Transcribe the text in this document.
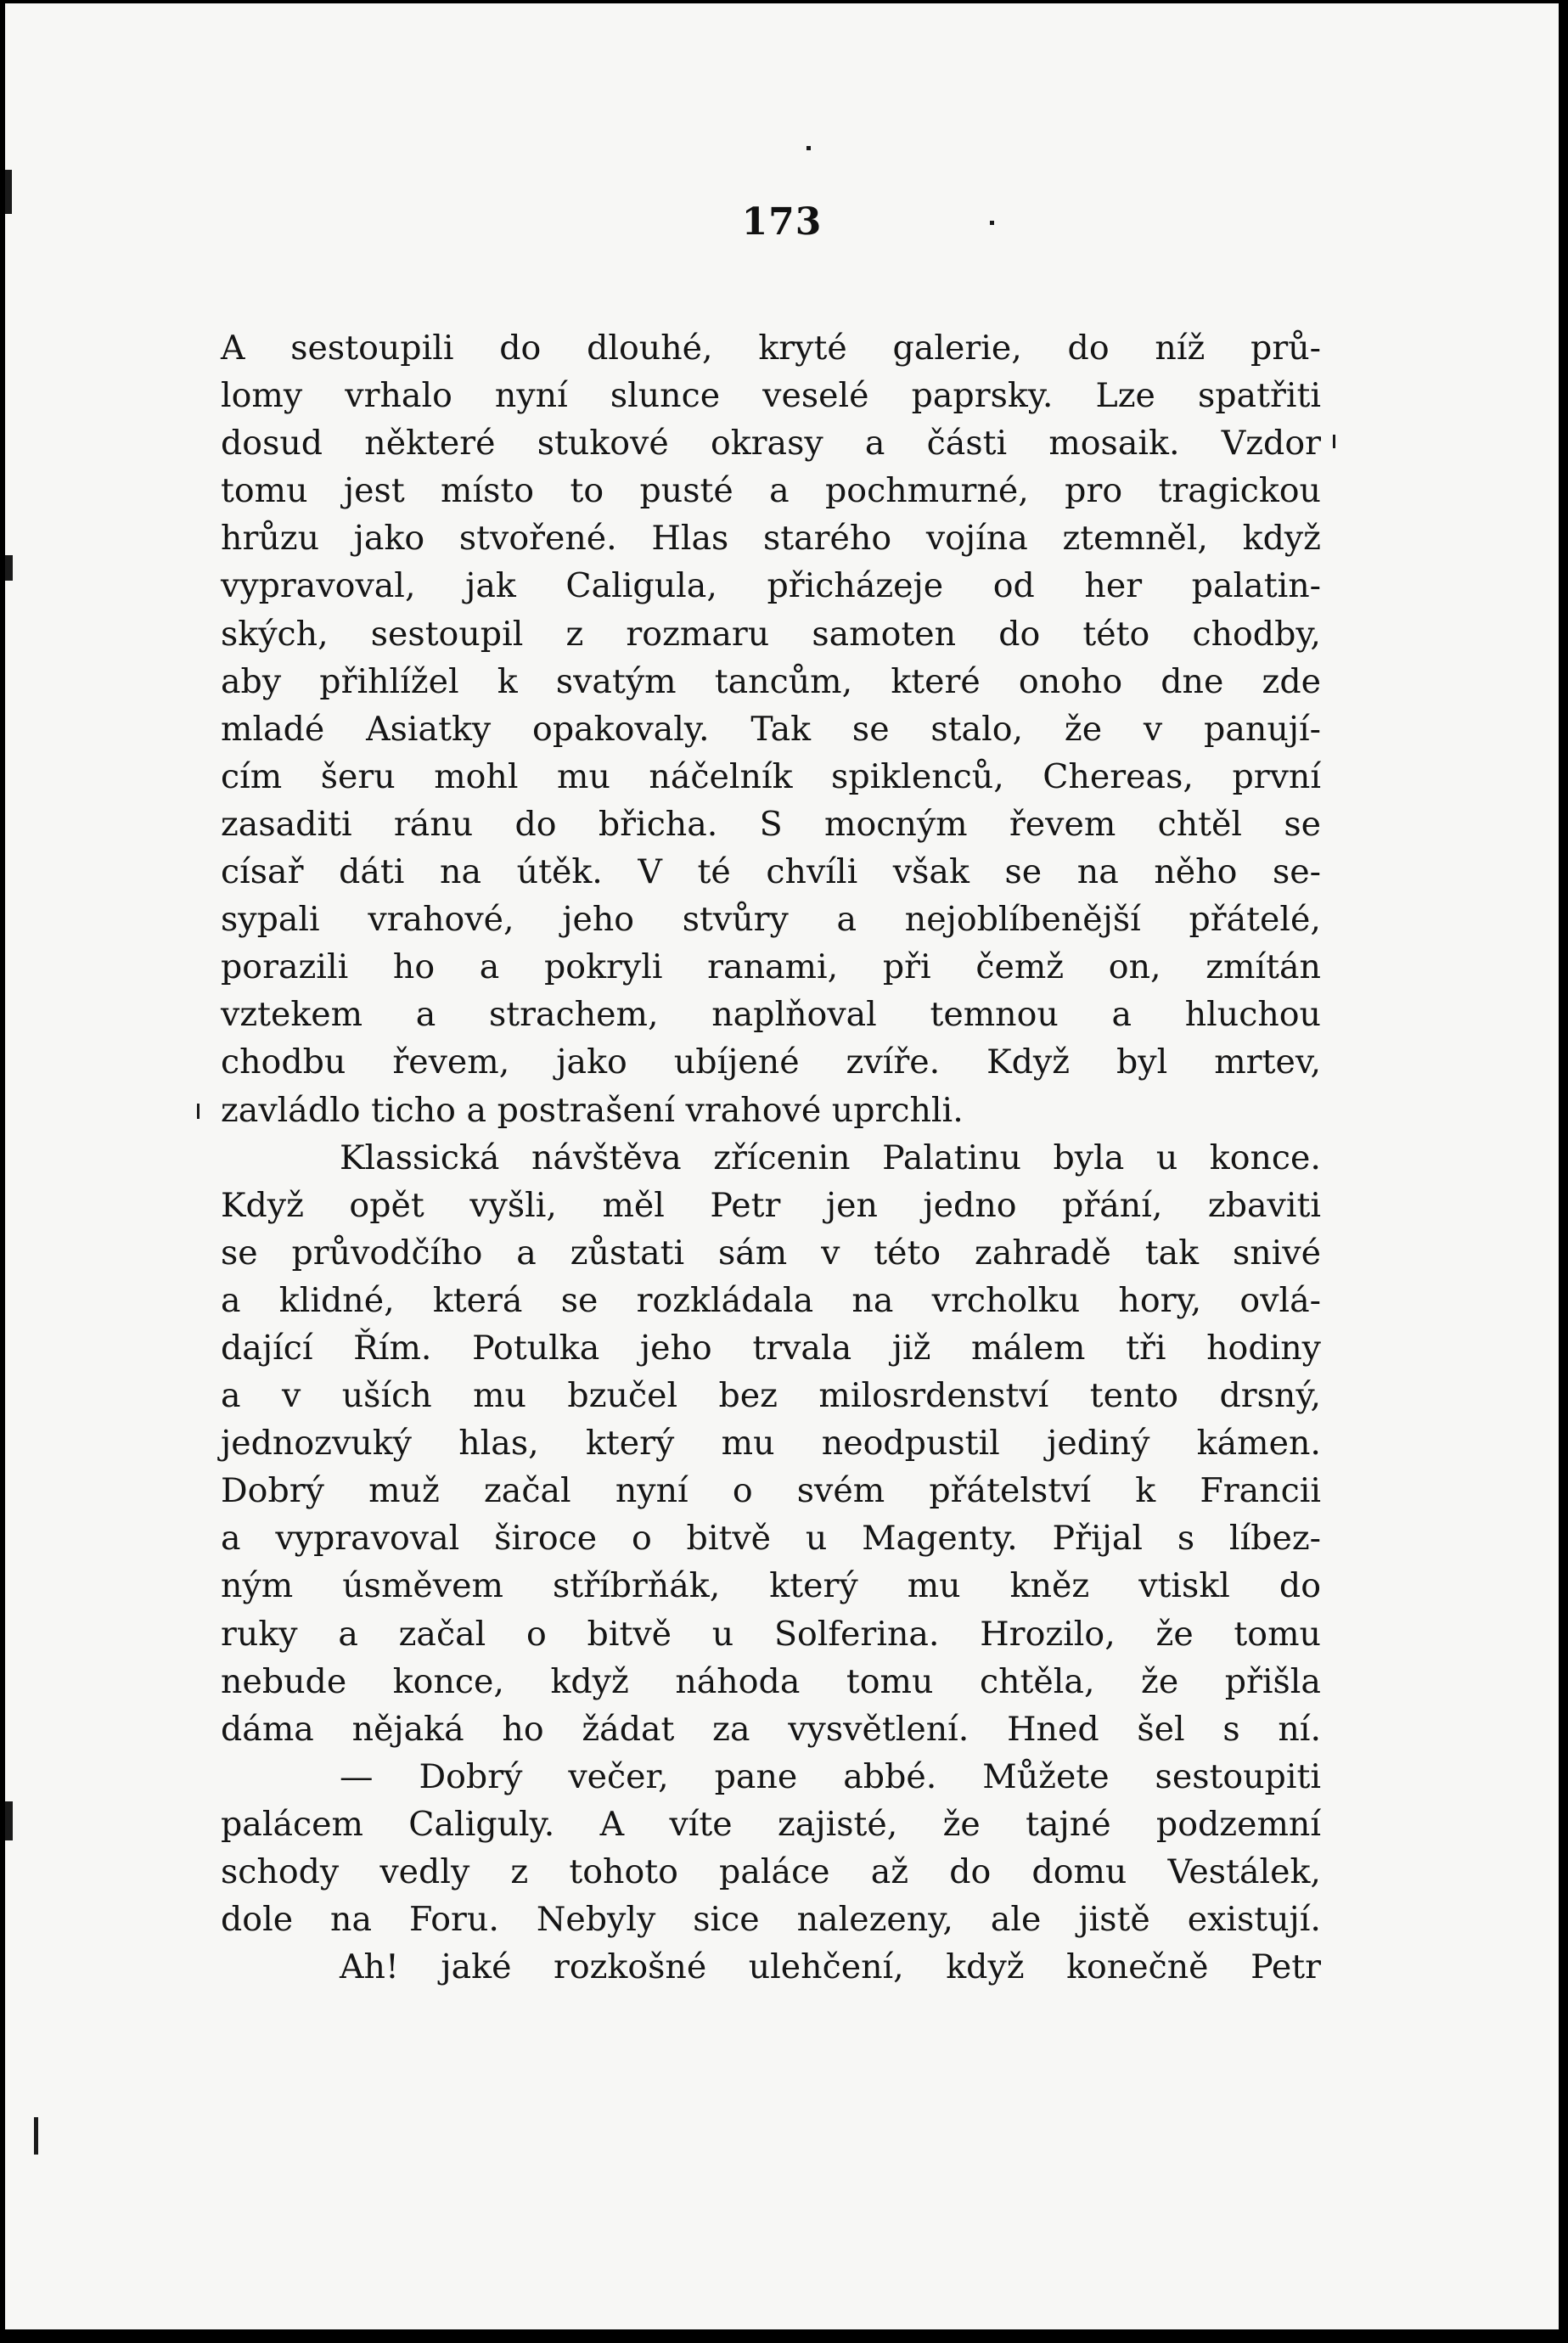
173
A sestoupili do dlouhé, kryté galerie, do níž prů-
lomy vrhalo nyní slunce veselé paprsky. Lze spatřiti
dosud některé stukové okrasy a části mosaik. Vzdor
tomu jest místo to pusté a pochmurné, pro tragickou
hrůzu jako stvořené. Hlas starého vojína ztemněl, když
vypravoval, jak Caligula, přicházeje od her palatin-
ských, sestoupil z rozmaru samoten do této chodby,
aby přihlížel k svatým tancům, které onoho dne zde
mladé Asiatky opakovaly. Tak se stalo, že v panují-
cím šeru mohl mu náčelník spiklenců, Chereas, první
zasaditi ránu do břicha. S mocným řevem chtěl se
císař dáti na útěk. V té chvíli však se na něho se-
sypali vrahové, jeho stvůry a nejoblíbenější přátelé,
porazili ho a pokryli ranami, při čemž on, zmítán
vztekem a strachem, naplňoval temnou a hluchou
chodbu řevem, jako ubíjené zvíře. Když byl mrtev,
zavládlo ticho a postrašení vrahové uprchli.
Klassická návštěva zřícenin Palatinu byla u konce.
Když opět vyšli, měl Petr jen jedno přání, zbaviti
se průvodčího a zůstati sám v této zahradě tak snivé
a klidné, která se rozkládala na vrcholku hory, ovlá-
dající Řím. Potulka jeho trvala již málem tři hodiny
a v uších mu bzučel bez milosrdenství tento drsný,
jednozvuký hlas, který mu neodpustil jediný kámen.
Dobrý muž začal nyní o svém přátelství k Francii
a vypravoval široce o bitvě u Magenty. Přijal s líbez-
ným úsměvem stříbrňák, který mu kněz vtiskl do
ruky a začal o bitvě u Solferina. Hrozilo, že tomu
nebude konce, když náhoda tomu chtěla, že přišla
dáma nějaká ho žádat za vysvětlení. Hned šel s ní.
— Dobrý večer, pane abbé. Můžete sestoupiti
palácem Caliguly. A víte zajisté, že tajné podzemní
schody vedly z tohoto paláce až do domu Vestálek,
dole na Foru. Nebyly sice nalezeny, ale jistě existují.
Ah! jaké rozkošné ulehčení, když konečně Petr
